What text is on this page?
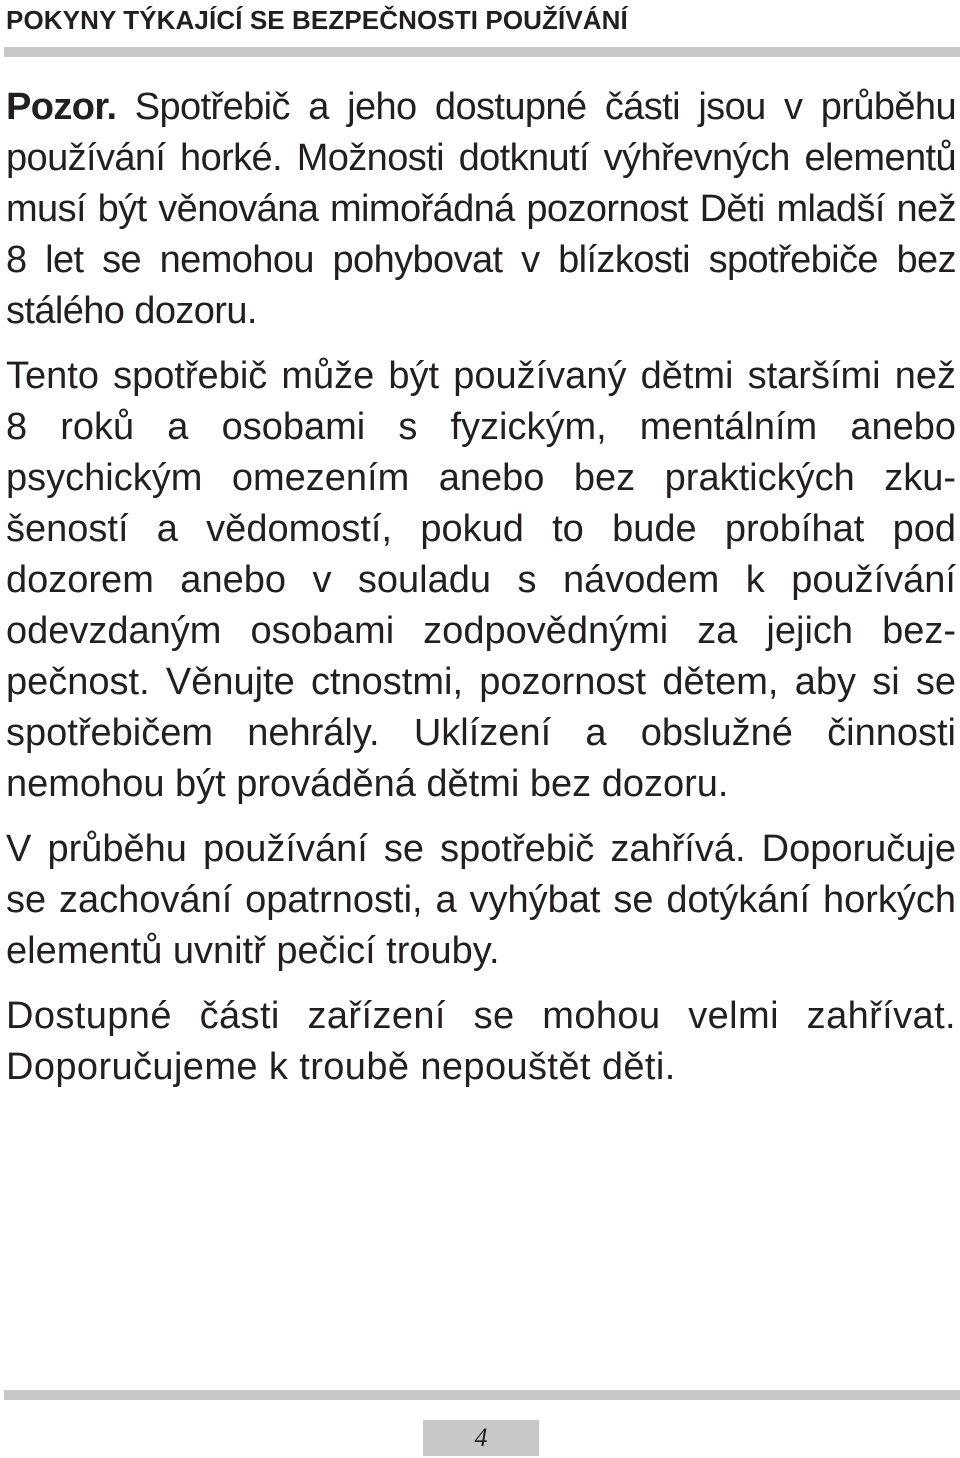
POKYNY TÝKAJÍCÍ SE BEZPEČNOSTI POUŽÍVÁNÍ

Pozor. Spotřebič a jeho dostupné části jsou v průběhu používání horké. Možnosti dotknutí výhřevných elementů musí být věnována mimořádná pozornost Děti mladší než 8 let se nemohou pohybovat v blízkosti spotřebiče bez stálého dozoru.

Tento spotřebič může být používaný dětmi staršími než 8 roků a osobami s fyzickým, mentálním anebo psychickým omezením anebo bez praktických zkušeností a vědomostí, pokud to bude probíhat pod dozorem anebo v souladu s návodem k používání odevzdaným osobami zodpovědnými za jejich bezpečnost. Věnujte ctnostmi, pozornost dětem, aby si se spotřebičem nehrály. Uklízení a obslužné činnosti nemohou být prováděná dětmi bez dozoru.

V průběhu používání se spotřebič zahřívá. Doporučuje se zachování opatrnosti, a vyhýbat se dotýkání horkých elementů uvnitř pečicí trouby.

Dostupné části zařízení se mohou velmi zahřívat. Doporučujeme k troubě nepouštět děti.

4
